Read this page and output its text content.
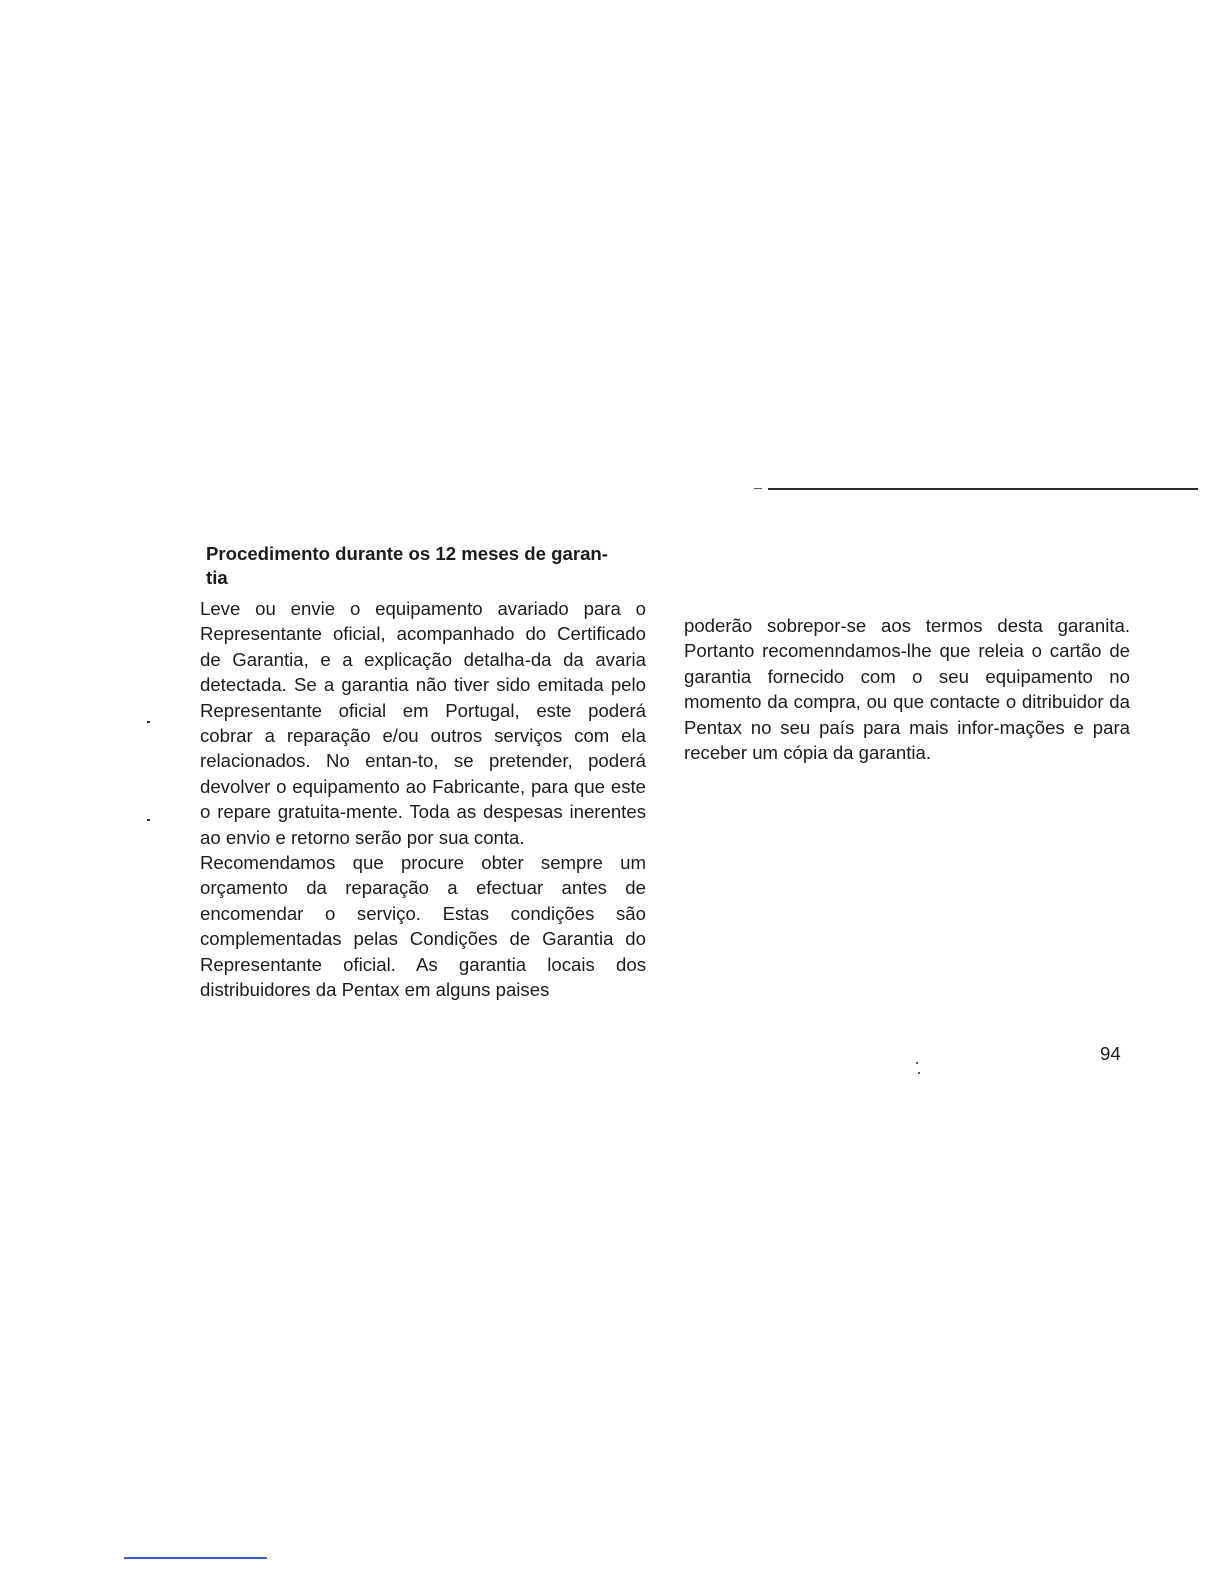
Procedimento durante os 12 meses de garan-
tia

Leve ou envie o equipamento avariado para o Representante oficial, acompanhado do Certificado de Garantia, e a explicação detalha-da da avaria detectada. Se a garantia não tiver sido emitada pelo Representante oficial em Portugal, este poderá cobrar a reparação e/ou outros serviços com ela relacionados. No entan-to, se pretender, poderá devolver o equipamento ao Fabricante, para que este o repare gratuita-mente. Toda as despesas inerentes ao envio e retorno serão por sua conta.

Recomendamos que procure obter sempre um orçamento da reparação a efectuar antes de encomendar o serviço. Estas condições são complementadas pelas Condições de Garantia do Representante oficial. As garantia locais dos distribuidores da Pentax em alguns paises

poderão sobrepor-se aos termos desta garanita. Portanto recomenndamos-lhe que releia o cartão de garantia fornecido com o seu equipamento no momento da compra, ou que contacte o ditribuidor da Pentax no seu país para mais infor-mações e para receber um cópia da garantia.

94
